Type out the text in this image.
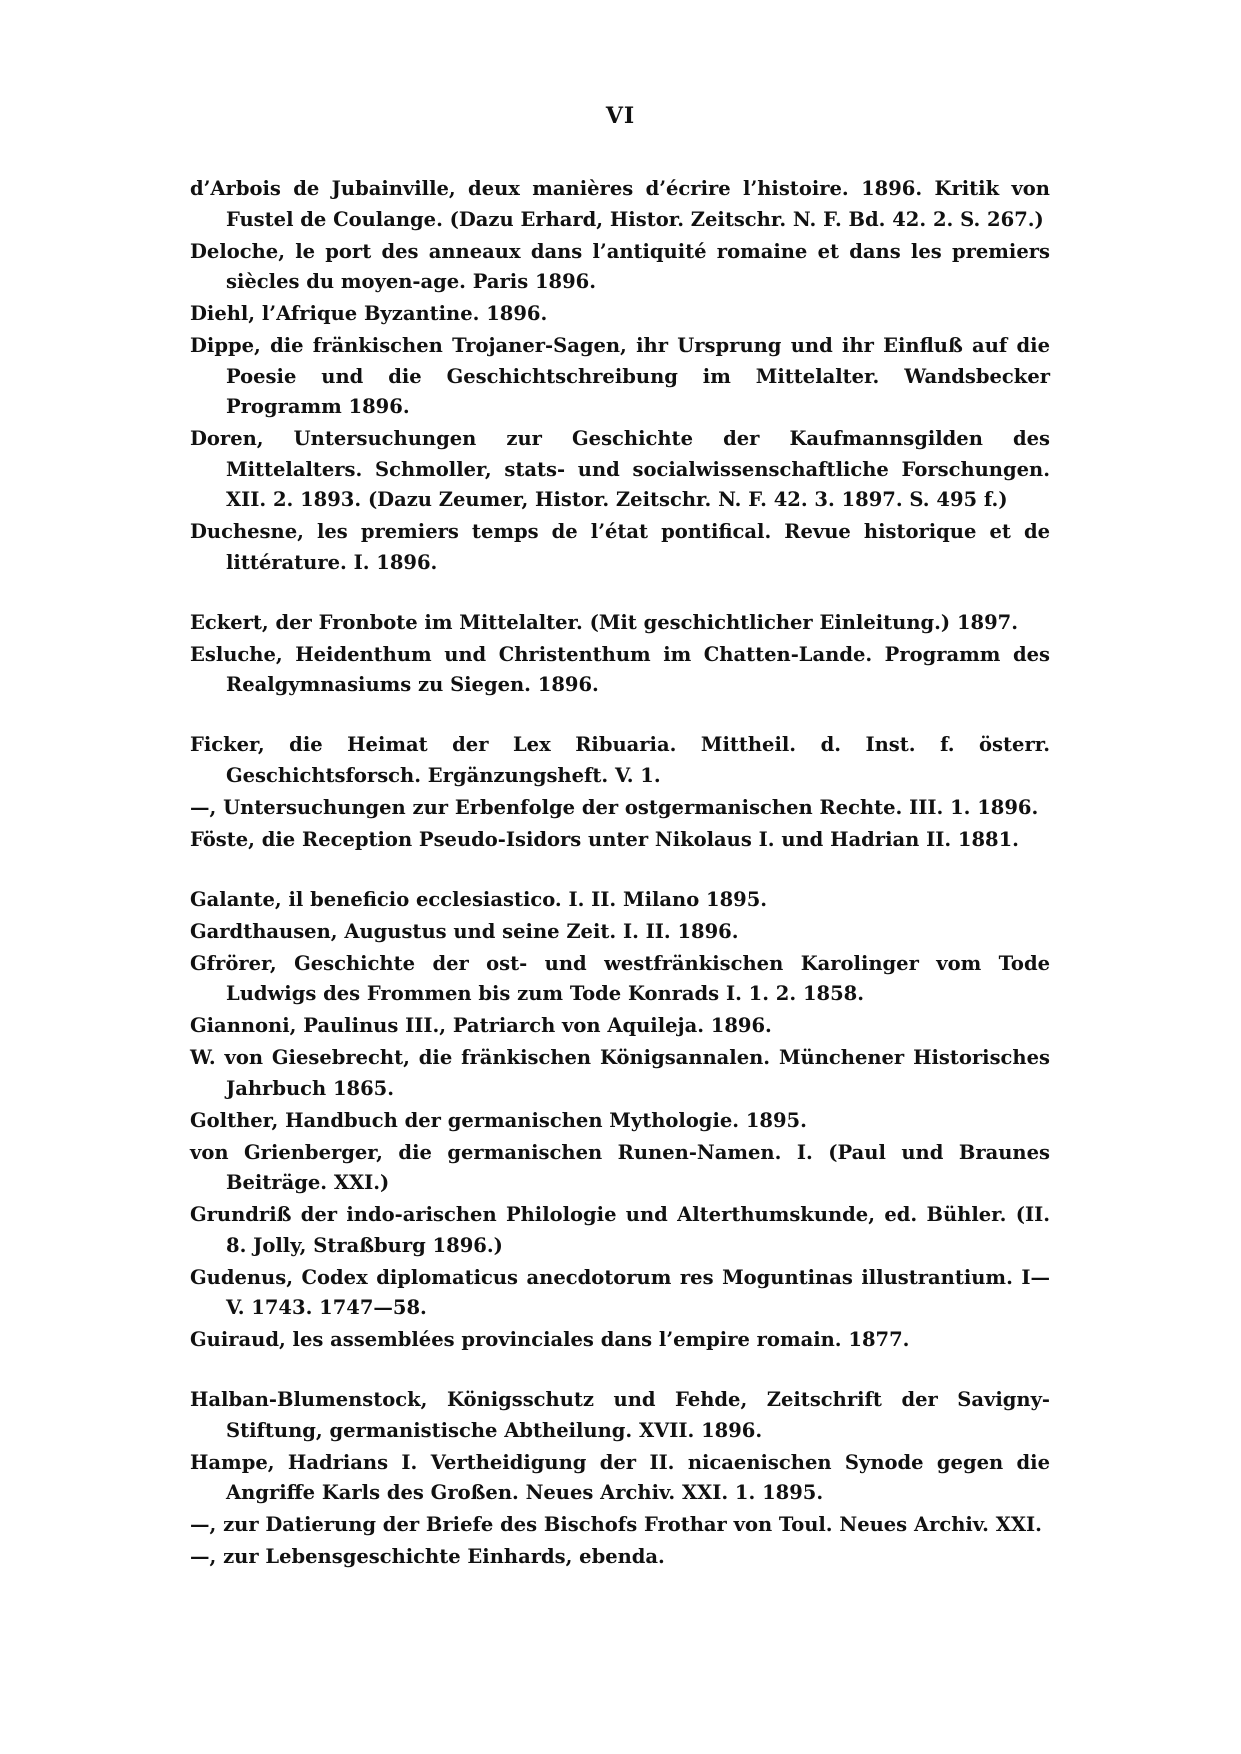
VI

d’Arbois de Jubainville, deux manières d’écrire l’histoire. 1896. Kritik von Fustel de Coulange. (Dazu Erhard, Histor. Zeitschr. N. F. Bd. 42. 2. S. 267.)

Deloche, le port des anneaux dans l’antiquité romaine et dans les premiers siècles du moyen-age. Paris 1896.

Diehl, l’Afrique Byzantine. 1896.

Dippe, die fränkischen Trojaner-Sagen, ihr Ursprung und ihr Einfluß auf die Poesie und die Geschichtschreibung im Mittelalter. Wandsbecker Programm 1896.

Doren, Untersuchungen zur Geschichte der Kaufmannsgilden des Mittelalters. Schmoller, stats- und socialwissenschaftliche Forschungen. XII. 2. 1893. (Dazu Zeumer, Histor. Zeitschr. N. F. 42. 3. 1897. S. 495 f.)

Duchesne, les premiers temps de l’état pontifical. Revue historique et de littérature. I. 1896.

Eckert, der Fronbote im Mittelalter. (Mit geschichtlicher Einleitung.) 1897.

Esluche, Heidenthum und Christenthum im Chatten-Lande. Programm des Realgymnasiums zu Siegen. 1896.

Ficker, die Heimat der Lex Ribuaria. Mittheil. d. Inst. f. österr. Geschichtsforsch. Ergänzungsheft. V. 1.

—, Untersuchungen zur Erbenfolge der ostgermanischen Rechte. III. 1. 1896.

Föste, die Reception Pseudo-Isidors unter Nikolaus I. und Hadrian II. 1881.

Galante, il beneficio ecclesiastico. I. II. Milano 1895.

Gardthausen, Augustus und seine Zeit. I. II. 1896.

Gfrörer, Geschichte der ost- und westfränkischen Karolinger vom Tode Ludwigs des Frommen bis zum Tode Konrads I. 1. 2. 1858.

Giannoni, Paulinus III., Patriarch von Aquileja. 1896.

W. von Giesebrecht, die fränkischen Königsannalen. Münchener Historisches Jahrbuch 1865.

Golther, Handbuch der germanischen Mythologie. 1895.

von Grienberger, die germanischen Runen-Namen. I. (Paul und Braunes Beiträge. XXI.)

Grundriß der indo-arischen Philologie und Alterthumskunde, ed. Bühler. (II. 8. Jolly, Straßburg 1896.)

Gudenus, Codex diplomaticus anecdotorum res Moguntinas illustrantium. I—V. 1743. 1747—58.

Guiraud, les assemblées provinciales dans l’empire romain. 1877.

Halban-Blumenstock, Königsschutz und Fehde, Zeitschrift der Savigny-Stiftung, germanistische Abtheilung. XVII. 1896.

Hampe, Hadrians I. Vertheidigung der II. nicaenischen Synode gegen die Angriffe Karls des Großen. Neues Archiv. XXI. 1. 1895.

—, zur Datierung der Briefe des Bischofs Frothar von Toul. Neues Archiv. XXI.

—, zur Lebensgeschichte Einhards, ebenda.
